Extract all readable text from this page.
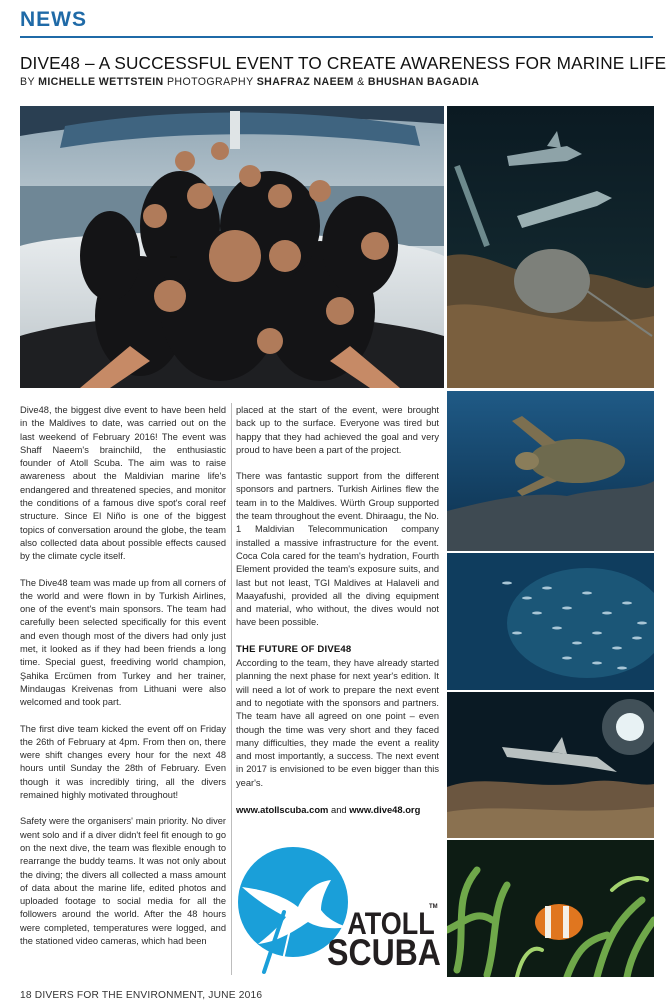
NEWS
DIVE48 – A SUCCESSFUL EVENT TO CREATE AWARENESS FOR MARINE LIFE
BY MICHELLE WETTSTEIN PHOTOGRAPHY SHAFRAZ NAEEM & BHUSHAN BAGADIA

Dive48, the biggest dive event to have been held in the Maldives to date, was carried out on the last weekend of February 2016! The event was Shaff Naeem's brainchild, the enthusiastic founder of Atoll Scuba. The aim was to raise awareness about the Maldivian marine life's endangered and threatened species, and monitor the conditions of a famous dive spot's coral reef structure. Since El Niño is one of the biggest topics of conversation around the globe, the team also collected data about possible effects caused by the climate cycle itself.

The Dive48 team was made up from all corners of the world and were flown in by Turkish Airlines, one of the event's main sponsors. The team had carefully been selected specifically for this event and even though most of the divers had only just met, it looked as if they had been friends a long time. Special guest, freediving world champion, Şahika Ercümen from Turkey and her trainer, Mindaugas Kreivenas from Lithuani were also welcomed and took part.

The first dive team kicked the event off on Friday the 26th of February at 4pm. From then on, there were shift changes every hour for the next 48 hours until Sunday the 28th of February. Even though it was incredibly tiring, all the divers remained highly motivated throughout!

Safety were the organisers' main priority. No diver went solo and if a diver didn't feel fit enough to go on the next dive, the team was flexible enough to rearrange the buddy teams. It was not only about the diving; the divers all collected a mass amount of data about the marine life, edited photos and uploaded footage to social media for all the followers around the world. After the 48 hours were completed, temperatures were logged, and the stationed video cameras, which had been

placed at the start of the event, were brought back up to the surface. Everyone was tired but happy that they had achieved the goal and very proud to have been a part of the project.

There was fantastic support from the different sponsors and partners. Turkish Airlines flew the team in to the Maldives. Würth Group supported the team throughout the event. Dhiraagu, the No. 1 Maldivian Telecommunication company installed a massive infrastructure for the event. Coca Cola cared for the team's hydration, Fourth Element provided the team's exposure suits, and last but not least, TGI Maldives at Halaveli and Maayafushi, provided all the diving equipment and material, who without, the dives would not have been possible.

THE FUTURE OF DIVE48

According to the team, they have already started planning the next phase for next year's edition. It will need a lot of work to prepare the next event and to negotiate with the sponsors and partners. The team have all agreed on one point – even though the time was very short and they faced many difficulties, they made the event a reality and most importantly, a success. The next event in 2017 is envisioned to be even bigger than this year's.

www.atollscuba.com and www.dive48.org
ATOLL
SCUBA
TM
18 DIVERS FOR THE ENVIRONMENT, JUNE 2016
